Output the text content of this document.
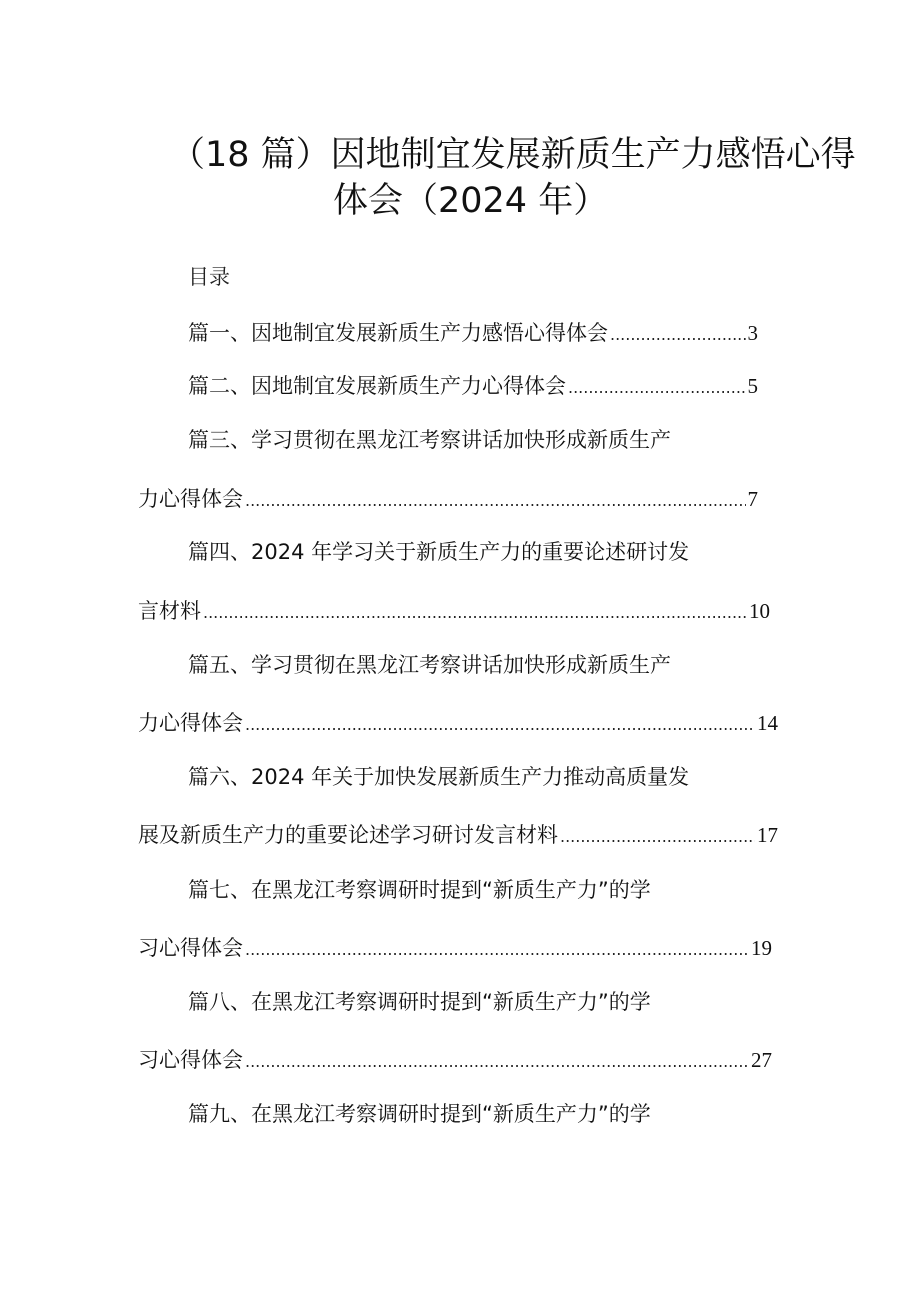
（18 篇）因地制宜发展新质生产力感悟心得
体会（2024 年）
目录
篇一、因地制宜发展新质生产力感悟心得体会 .....	3
篇二、因地制宜发展新质生产力心得体会 .....	5
篇三、学习贯彻在黑龙江考察讲话加快形成新质生产
力心得体会 .....	7
篇四、2024 年学习关于新质生产力的重要论述研讨发
言材料 .....	10
篇五、学习贯彻在黑龙江考察讲话加快形成新质生产
力心得体会 .....	14
篇六、2024 年关于加快发展新质生产力推动高质量发
展及新质生产力的重要论述学习研讨发言材料 .....	17
篇七、在黑龙江考察调研时提到“新质生产力”的学
习心得体会 .....	19
篇八、在黑龙江考察调研时提到“新质生产力”的学
习心得体会 .....	27
篇九、在黑龙江考察调研时提到“新质生产力”的学
